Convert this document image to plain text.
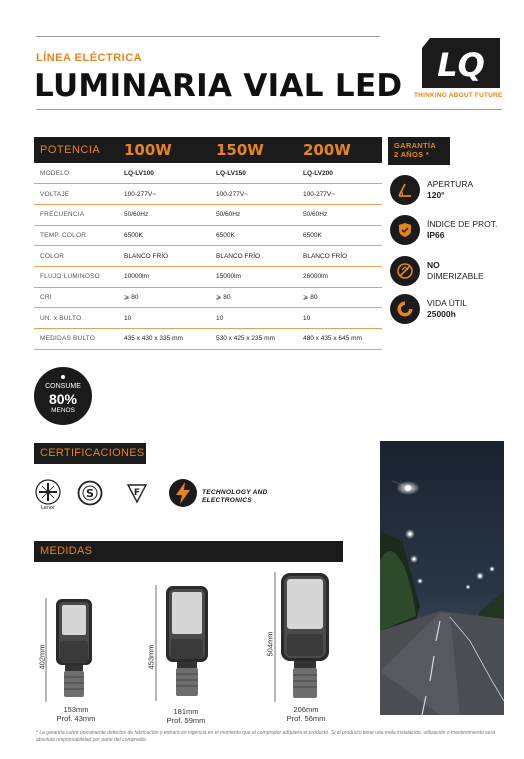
LÍNEA ELÉCTRICA
LUMINARIA VIAL LED
LQ
THINKING ABOUT FUTURE
POTENCIA	100W	150W	200W
MODELO	LQ-LV100	LQ-LV150	LQ-LV200
VOLTAJE	100-277V~	100-277V~	100-277V~
FRECUENCIA	50/60Hz	50/60Hz	50/60Hz
TEMP. COLOR	6500K	6500K	6500K
COLOR	BLANCO FRÍO	BLANCO FRÍO	BLANCO FRÍO
FLUJO LUMINOSO	10000lm	15000lm	26000lm
CRI	⩾ 80	⩾ 80	⩾ 80
UN. x BULTO	10	10	10
MEDIDAS BULTO	435 x 430 x 335 mm	530 x 425 x 235 mm	480 x 435 x 645 mm
GARANTÍA
2 AÑOS *
APERTURA
120°
ÍNDICE DE PROT.
IP66
NO
DIMERIZABLE
VIDA ÚTIL
25000h
CONSUME
80%
MENOS
CERTIFICACIONES
Lenor
S	F	TECHNOLOGY AND
ELECTRONICS
MEDIDAS
402mm
153mm
Prof. 43mm
453mm
181mm
Prof. 59mm
504mm
206mm
Prof. 56mm
* La garantía cubre únicamente defectos de fabricación y entrará en vigencia en el momento que el comprador adquiera el producto. Si el producto tiene una mala instalación, utilización o mantenimiento será absoluta responsabilidad por parte del comprador.
